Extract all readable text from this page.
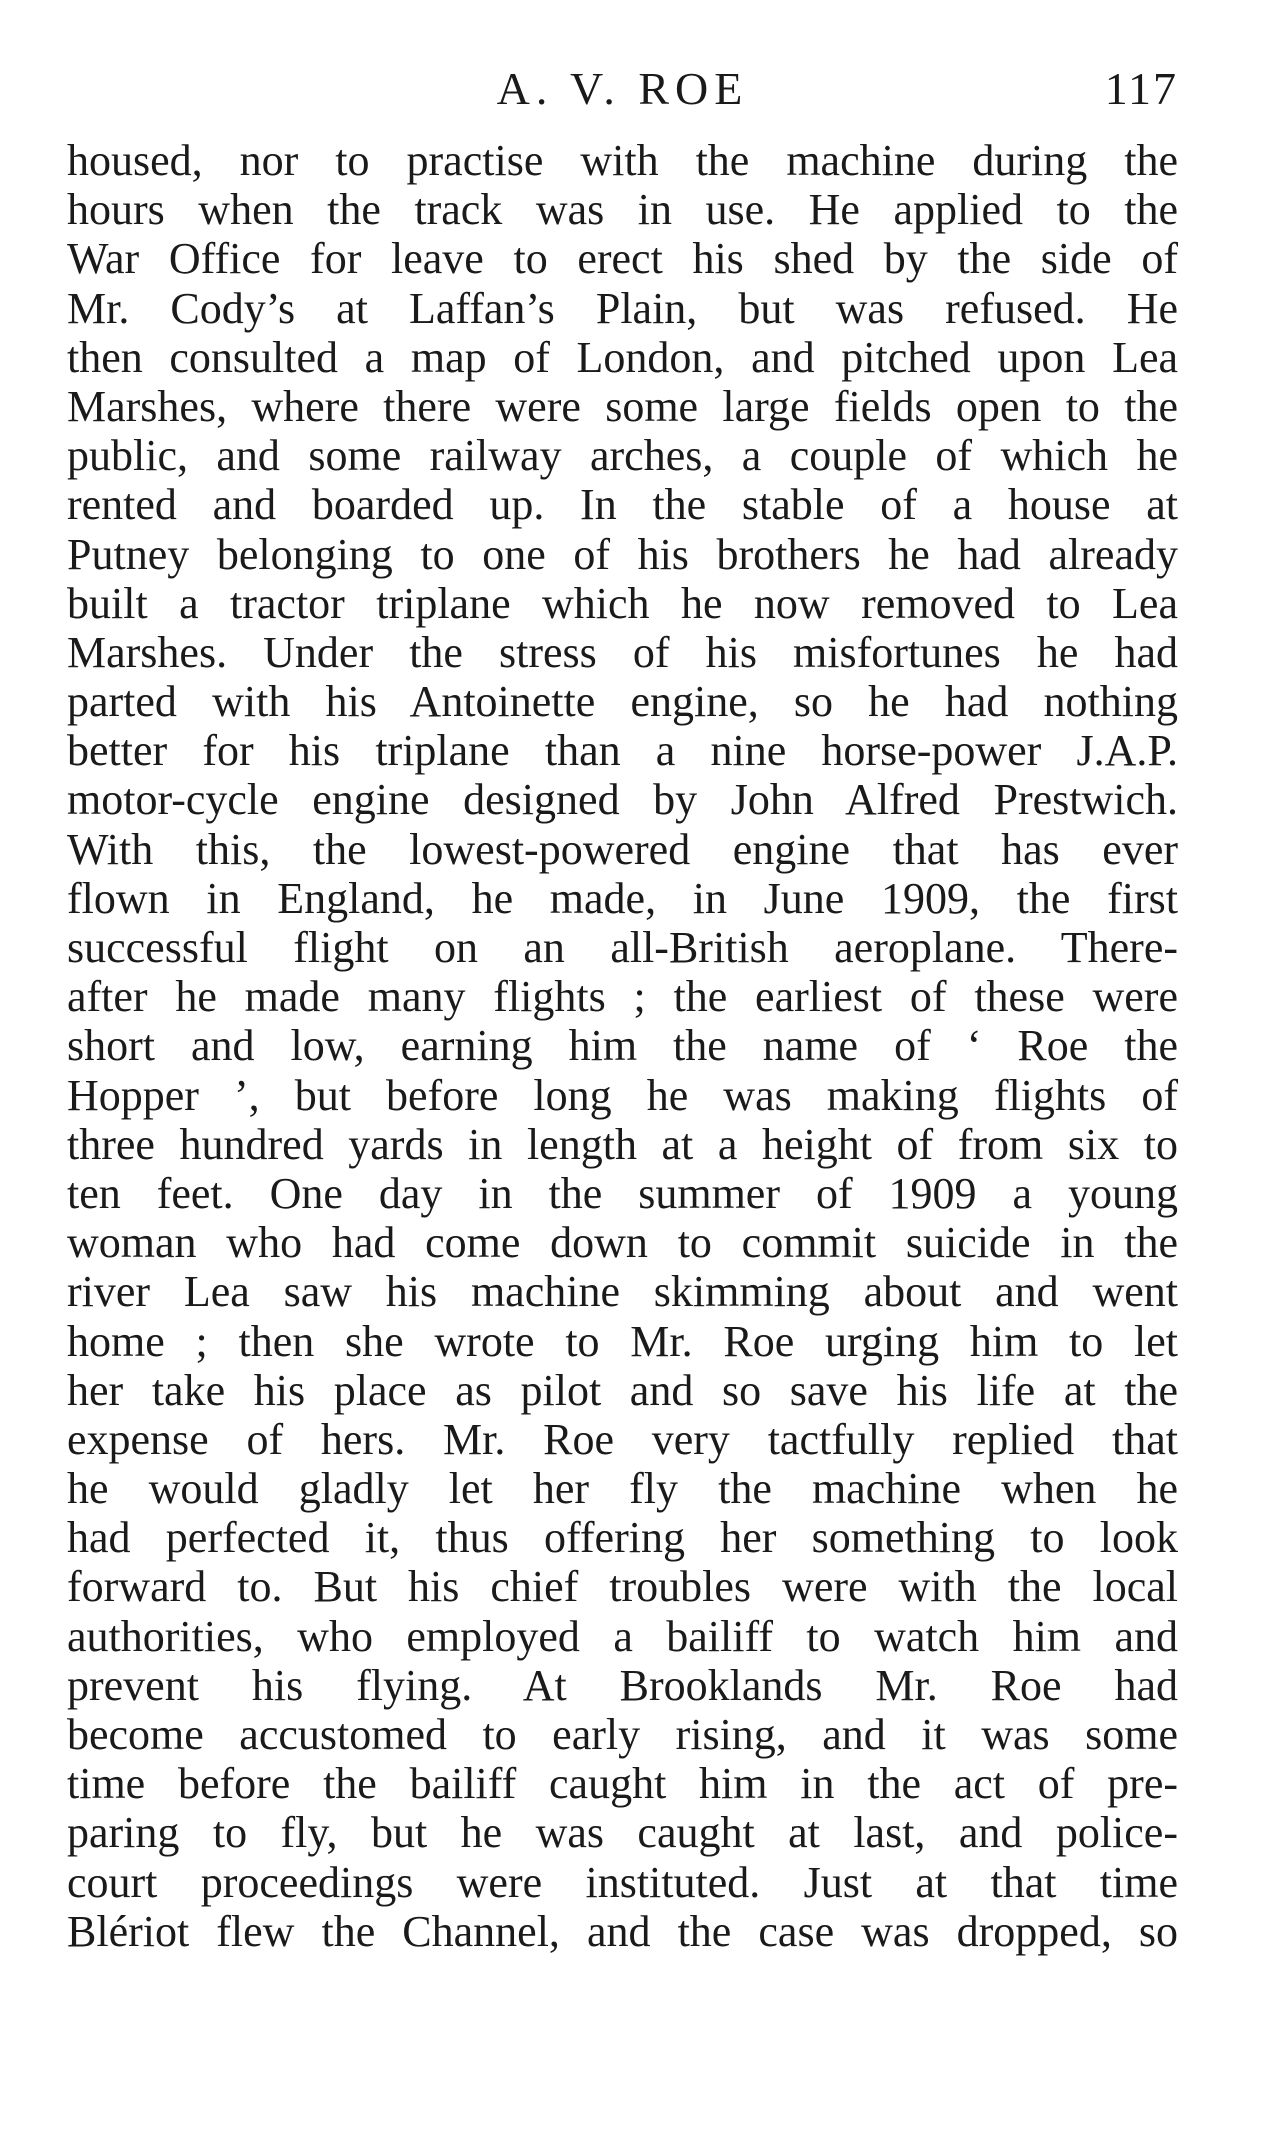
A. V. ROE	117
housed, nor to practise with the machine during the
hours when the track was in use. He applied to the
War Office for leave to erect his shed by the side of
Mr. Cody’s at Laffan’s Plain, but was refused. He
then consulted a map of London, and pitched upon Lea
Marshes, where there were some large fields open to the
public, and some railway arches, a couple of which he
rented and boarded up. In the stable of a house at
Putney belonging to one of his brothers he had already
built a tractor triplane which he now removed to Lea
Marshes. Under the stress of his misfortunes he had
parted with his Antoinette engine, so he had nothing
better for his triplane than a nine horse-power J.A.P.
motor-cycle engine designed by John Alfred Prestwich.
With this, the lowest-powered engine that has ever
flown in England, he made, in June 1909, the first
successful flight on an all-British aeroplane. There-
after he made many flights ; the earliest of these were
short and low, earning him the name of ‘ Roe the
Hopper ’, but before long he was making flights of
three hundred yards in length at a height of from six to
ten feet. One day in the summer of 1909 a young
woman who had come down to commit suicide in the
river Lea saw his machine skimming about and went
home ; then she wrote to Mr. Roe urging him to let
her take his place as pilot and so save his life at the
expense of hers. Mr. Roe very tactfully replied that
he would gladly let her fly the machine when he
had perfected it, thus offering her something to look
forward to. But his chief troubles were with the local
authorities, who employed a bailiff to watch him and
prevent his flying. At Brooklands Mr. Roe had
become accustomed to early rising, and it was some
time before the bailiff caught him in the act of pre-
paring to fly, but he was caught at last, and police-
court proceedings were instituted. Just at that time
Blériot flew the Channel, and the case was dropped, so
